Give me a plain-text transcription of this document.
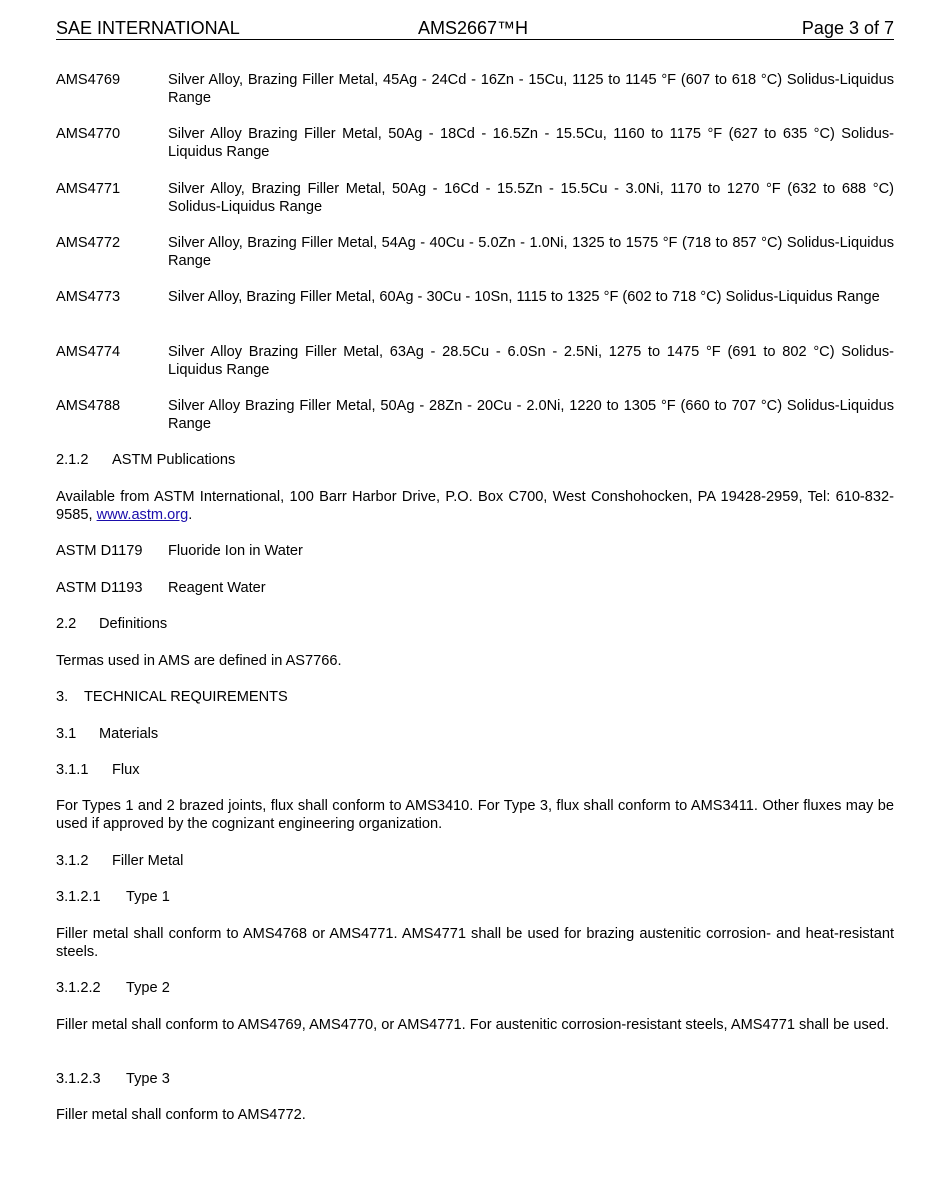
SAE INTERNATIONAL	AMS2667™H	Page 3 of 7
AMS4769	Silver Alloy, Brazing Filler Metal, 45Ag - 24Cd - 16Zn - 15Cu, 1125 to 1145 °F (607 to 618 °C) Solidus-Liquidus Range
AMS4770	Silver Alloy Brazing Filler Metal, 50Ag - 18Cd - 16.5Zn - 15.5Cu, 1160 to 1175 °F (627 to 635 °C) Solidus-Liquidus Range
AMS4771	Silver Alloy, Brazing Filler Metal, 50Ag - 16Cd - 15.5Zn - 15.5Cu - 3.0Ni, 1170 to 1270 °F (632 to 688 °C) Solidus-Liquidus Range
AMS4772	Silver Alloy, Brazing Filler Metal, 54Ag - 40Cu - 5.0Zn - 1.0Ni, 1325 to 1575 °F (718 to 857 °C) Solidus-Liquidus Range
AMS4773	Silver Alloy, Brazing Filler Metal, 60Ag - 30Cu - 10Sn, 1115 to 1325 °F (602 to 718 °C) Solidus-Liquidus Range
AMS4774	Silver Alloy Brazing Filler Metal, 63Ag - 28.5Cu - 6.0Sn - 2.5Ni, 1275 to 1475 °F (691 to 802 °C) Solidus-Liquidus Range
AMS4788	Silver Alloy Brazing Filler Metal, 50Ag - 28Zn - 20Cu - 2.0Ni, 1220 to 1305 °F (660 to 707 °C) Solidus-Liquidus Range
2.1.2 ASTM Publications
Available from ASTM International, 100 Barr Harbor Drive, P.O. Box C700, West Conshohocken, PA 19428-2959, Tel: 610-832-9585, www.astm.org.
ASTM D1179 Fluoride Ion in Water
ASTM D1193 Reagent Water
2.2 Definitions
Termas used in AMS are defined in AS7766.
3. TECHNICAL REQUIREMENTS
3.1 Materials
3.1.1 Flux
For Types 1 and 2 brazed joints, flux shall conform to AMS3410. For Type 3, flux shall conform to AMS3411. Other fluxes may be used if approved by the cognizant engineering organization.
3.1.2 Filler Metal
3.1.2.1 Type 1
Filler metal shall conform to AMS4768 or AMS4771. AMS4771 shall be used for brazing austenitic corrosion- and heat-resistant steels.
3.1.2.2 Type 2
Filler metal shall conform to AMS4769, AMS4770, or AMS4771. For austenitic corrosion-resistant steels, AMS4771 shall be used.
3.1.2.3 Type 3
Filler metal shall conform to AMS4772.
